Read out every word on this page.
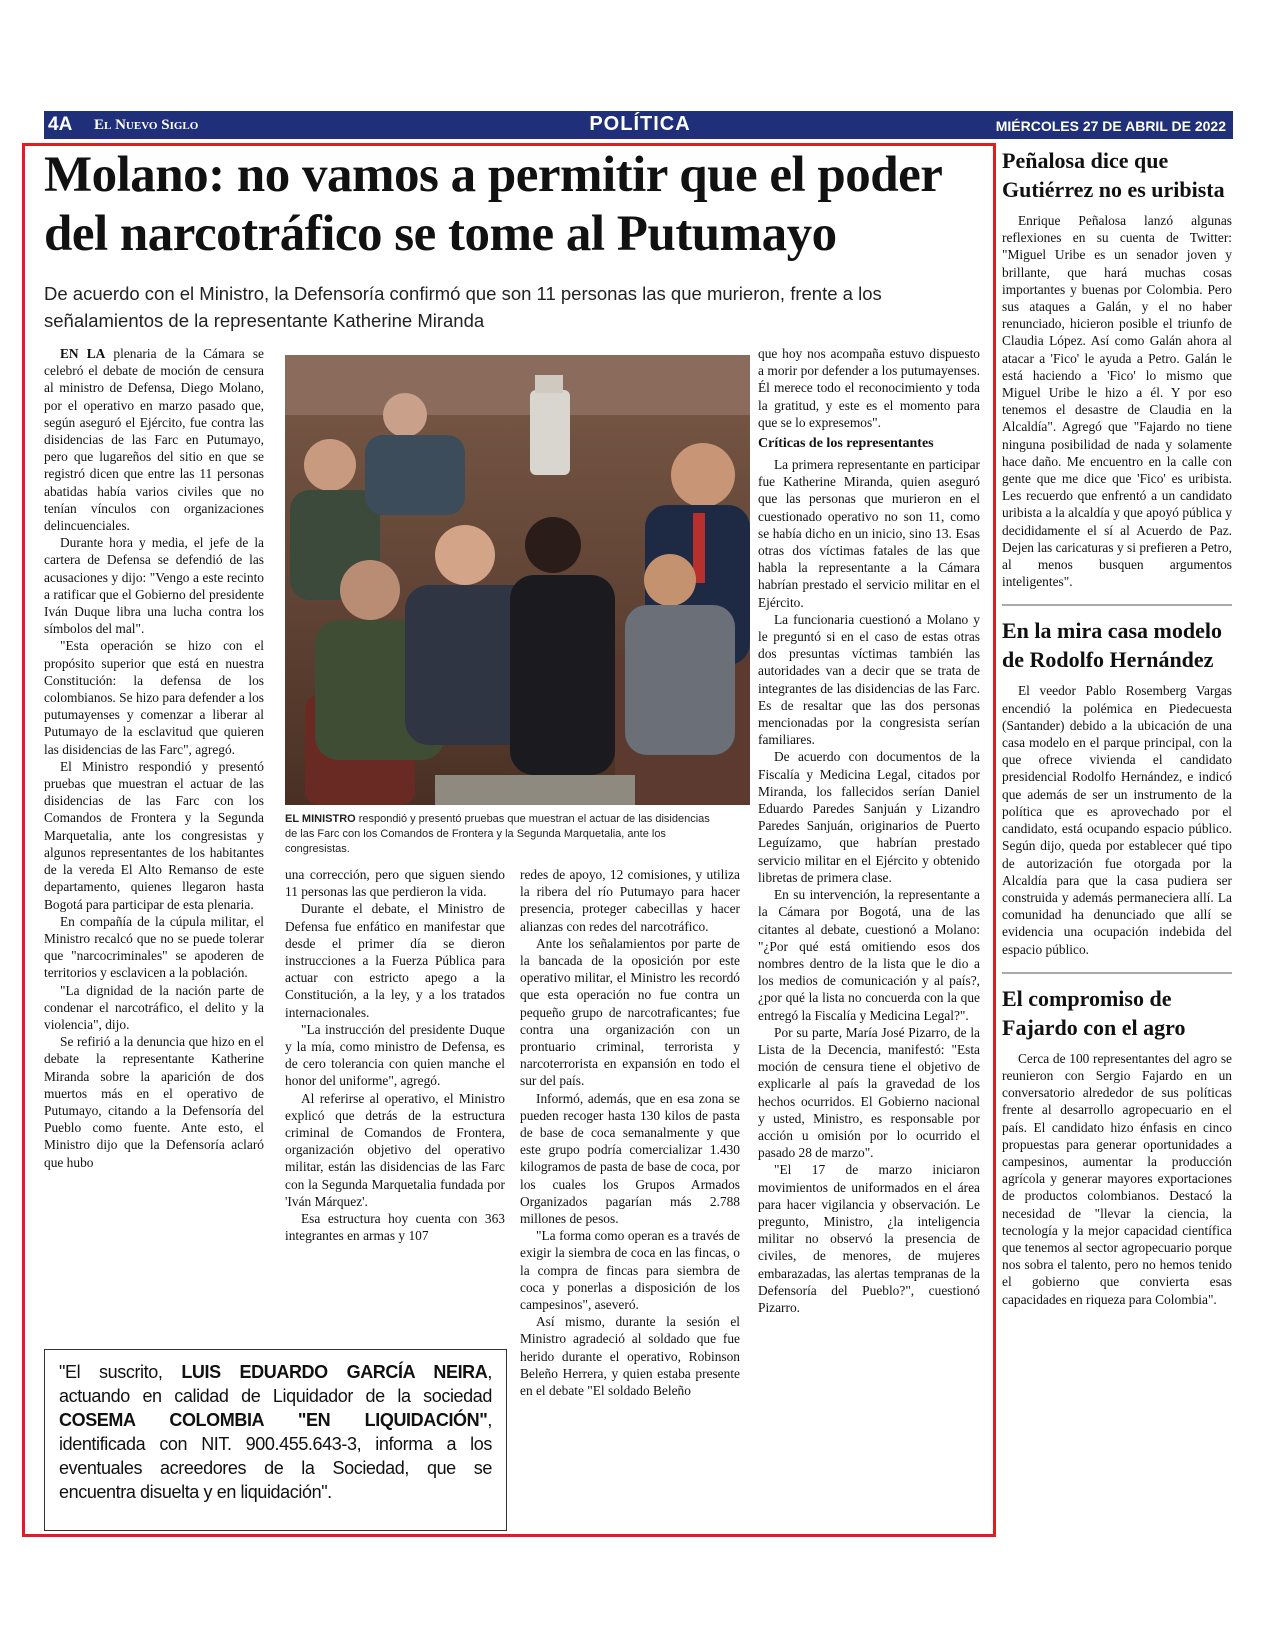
4A El Nuevo Siglo	POLÍTICA	MIÉRCOLES 27 DE ABRIL DE 2022
Molano: no vamos a permitir que el poder del narcotráfico se tome al Putumayo

De acuerdo con el Ministro, la Defensoría confirmó que son 11 personas las que murieron, frente a los señalamientos de la representante Katherine Miranda

EN LA plenaria de la Cámara se celebró el debate de moción de censura al ministro de Defensa, Diego Molano, por el operativo en marzo pasado que, según aseguró el Ejército, fue contra las disidencias de las Farc en Putumayo, pero que lugareños del sitio en que se registró dicen que entre las 11 personas abatidas había varios civiles que no tenían vínculos con organizaciones delincuenciales.

Durante hora y media, el jefe de la cartera de Defensa se defendió de las acusaciones y dijo: "Vengo a este recinto a ratificar que el Gobierno del presidente Iván Duque libra una lucha contra los símbolos del mal".

"Esta operación se hizo con el propósito superior que está en nuestra Constitución: la defensa de los colombianos. Se hizo para defender a los putumayenses y comenzar a liberar al Putumayo de la esclavitud que quieren las disidencias de las Farc", agregó.

El Ministro respondió y presentó pruebas que muestran el actuar de las disidencias de las Farc con los Comandos de Frontera y la Segunda Marquetalia, ante los congresistas y algunos representantes de los habitantes de la vereda El Alto Remanso de este departamento, quienes llegaron hasta Bogotá para participar de esta plenaria.

En compañía de la cúpula militar, el Ministro recalcó que no se puede tolerar que "narcocriminales" se apoderen de territorios y esclavicen a la población.

"La dignidad de la nación parte de condenar el narcotráfico, el delito y la violencia", dijo.

Se refirió a la denuncia que hizo en el debate la representante Katherine Miranda sobre la aparición de dos muertos más en el operativo de Putumayo, citando a la Defensoría del Pueblo como fuente. Ante esto, el Ministro dijo que la Defensoría aclaró que hubo

EL MINISTRO respondió y presentó pruebas que muestran el actuar de las disidencias de las Farc con los Comandos de Frontera y la Segunda Marquetalia, ante los congresistas.

una corrección, pero que siguen siendo 11 personas las que perdieron la vida.

Durante el debate, el Ministro de Defensa fue enfático en manifestar que desde el primer día se dieron instrucciones a la Fuerza Pública para actuar con estricto apego a la Constitución, a la ley, y a los tratados internacionales.

"La instrucción del presidente Duque y la mía, como ministro de Defensa, es de cero tolerancia con quien manche el honor del uniforme", agregó.

Al referirse al operativo, el Ministro explicó que detrás de la estructura criminal de Comandos de Frontera, organización objetivo del operativo militar, están las disidencias de las Farc con la Segunda Marquetalia fundada por 'Iván Márquez'.

Esa estructura hoy cuenta con 363 integrantes en armas y 107

redes de apoyo, 12 comisiones, y utiliza la ribera del río Putumayo para hacer presencia, proteger cabecillas y hacer alianzas con redes del narcotráfico.

Ante los señalamientos por parte de la bancada de la oposición por este operativo militar, el Ministro les recordó que esta operación no fue contra un pequeño grupo de narcotraficantes; fue contra una organización con un prontuario criminal, terrorista y narcoterrorista en expansión en todo el sur del país.

Informó, además, que en esa zona se pueden recoger hasta 130 kilos de pasta de base de coca semanalmente y que este grupo podría comercializar 1.430 kilogramos de pasta de base de coca, por los cuales los Grupos Armados Organizados pagarían más 2.788 millones de pesos.

"La forma como operan es a través de exigir la siembra de coca en las fincas, o la compra de fincas para siembra de coca y ponerlas a disposición de los campesinos", aseveró.

Así mismo, durante la sesión el Ministro agradeció al soldado que fue herido durante el operativo, Robinson Beleño Herrera, y quien estaba presente en el debate "El soldado Beleño

que hoy nos acompaña estuvo dispuesto a morir por defender a los putumayenses. Él merece todo el reconocimiento y toda la gratitud, y este es el momento para que se lo expresemos".

Críticas de los representantes

La primera representante en participar fue Katherine Miranda, quien aseguró que las personas que murieron en el cuestionado operativo no son 11, como se había dicho en un inicio, sino 13. Esas otras dos víctimas fatales de las que habla la representante a la Cámara habrían prestado el servicio militar en el Ejército.

La funcionaria cuestionó a Molano y le preguntó si en el caso de estas otras dos presuntas víctimas también las autoridades van a decir que se trata de integrantes de las disidencias de las Farc. Es de resaltar que las dos personas mencionadas por la congresista serían familiares.

De acuerdo con documentos de la Fiscalía y Medicina Legal, citados por Miranda, los fallecidos serían Daniel Eduardo Paredes Sanjuán y Lizandro Paredes Sanjuán, originarios de Puerto Leguízamo, que habrían prestado servicio militar en el Ejército y obtenido libretas de primera clase.

En su intervención, la representante a la Cámara por Bogotá, una de las citantes al debate, cuestionó a Molano: "¿Por qué está omitiendo esos dos nombres dentro de la lista que le dio a los medios de comunicación y al país?, ¿por qué la lista no concuerda con la que entregó la Fiscalía y Medicina Legal?".

Por su parte, María José Pizarro, de la Lista de la Decencia, manifestó: "Esta moción de censura tiene el objetivo de explicarle al país la gravedad de los hechos ocurridos. El Gobierno nacional y usted, Ministro, es responsable por acción u omisión por lo ocurrido el pasado 28 de marzo".

"El 17 de marzo iniciaron movimientos de uniformados en el área para hacer vigilancia y observación. Le pregunto, Ministro, ¿la inteligencia militar no observó la presencia de civiles, de menores, de mujeres embarazadas, las alertas tempranas de la Defensoría del Pueblo?", cuestionó Pizarro.

"El suscrito, LUIS EDUARDO GARCÍA NEIRA, actuando en calidad de Liquidador de la sociedad COSEMA COLOMBIA "EN LIQUIDACIÓN", identificada con NIT. 900.455.643-3, informa a los eventuales acreedores de la Sociedad, que se encuentra disuelta y en liquidación".
Peñalosa dice que Gutiérrez no es uribista

Enrique Peñalosa lanzó algunas reflexiones en su cuenta de Twitter: "Miguel Uribe es un senador joven y brillante, que hará muchas cosas importantes y buenas por Colombia. Pero sus ataques a Galán, y el no haber renunciado, hicieron posible el triunfo de Claudia López. Así como Galán ahora al atacar a 'Fico' le ayuda a Petro. Galán le está haciendo a 'Fico' lo mismo que Miguel Uribe le hizo a él. Y por eso tenemos el desastre de Claudia en la Alcaldía". Agregó que "Fajardo no tiene ninguna posibilidad de nada y solamente hace daño. Me encuentro en la calle con gente que me dice que 'Fico' es uribista. Les recuerdo que enfrentó a un candidato uribista a la alcaldía y que apoyó pública y decididamente el sí al Acuerdo de Paz. Dejen las caricaturas y si prefieren a Petro, al menos busquen argumentos inteligentes".

En la mira casa modelo de Rodolfo Hernández

El veedor Pablo Rosemberg Vargas encendió la polémica en Piedecuesta (Santander) debido a la ubicación de una casa modelo en el parque principal, con la que ofrece vivienda el candidato presidencial Rodolfo Hernández, e indicó que además de ser un instrumento de la política que es aprovechado por el candidato, está ocupando espacio público. Según dijo, queda por establecer qué tipo de autorización fue otorgada por la Alcaldía para que la casa pudiera ser construida y además permaneciera allí. La comunidad ha denunciado que allí se evidencia una ocupación indebida del espacio público.

El compromiso de Fajardo con el agro

Cerca de 100 representantes del agro se reunieron con Sergio Fajardo en un conversatorio alrededor de sus políticas frente al desarrollo agropecuario en el país. El candidato hizo énfasis en cinco propuestas para generar oportunidades a campesinos, aumentar la producción agrícola y generar mayores exportaciones de productos colombianos. Destacó la necesidad de "llevar la ciencia, la tecnología y la mejor capacidad científica que tenemos al sector agropecuario porque nos sobra el talento, pero no hemos tenido el gobierno que convierta esas capacidades en riqueza para Colombia".
